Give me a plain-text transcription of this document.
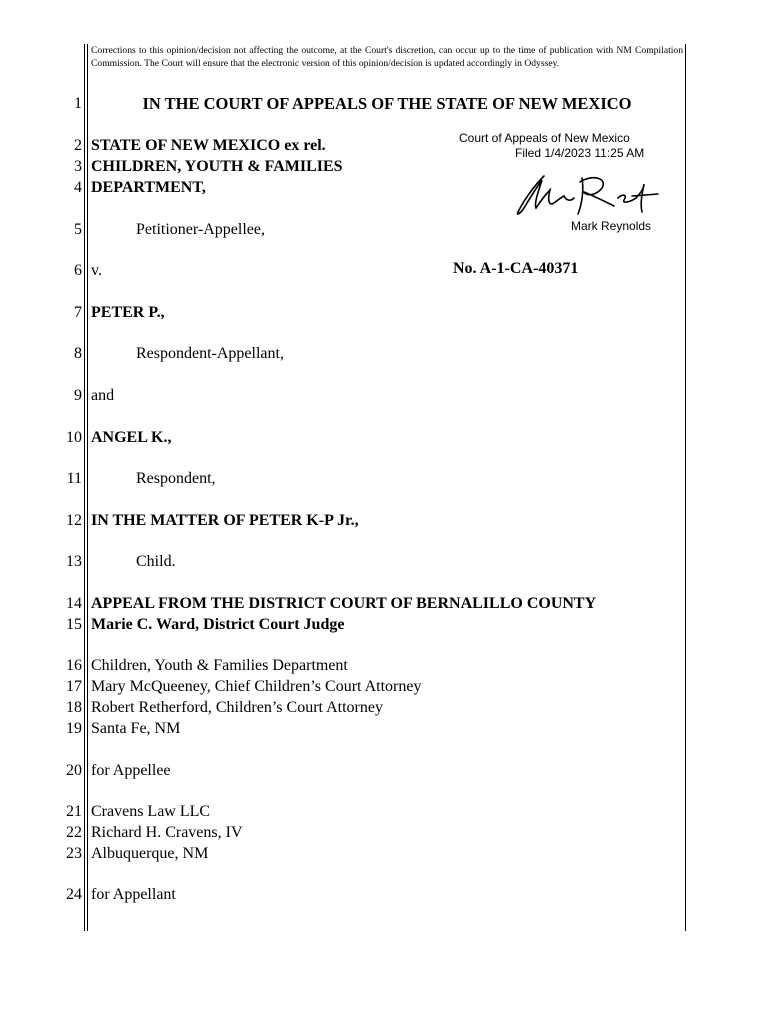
Corrections to this opinion/decision not affecting the outcome, at the Court's discretion, can occur up to the time of publication with NM Compilation Commission. The Court will ensure that the electronic version of this opinion/decision is updated accordingly in Odyssey.
1
2
3
4
5
6
7
8
9
10
11
12
13
14
15
16
17
18
19
20
21
22
23
24
IN THE COURT OF APPEALS OF THE STATE OF NEW MEXICO
Court of Appeals of New Mexico
Filed 1/4/2023 11:25 AM
Mark Reynolds
No. A-1-CA-40371
STATE OF NEW MEXICO ex rel.
CHILDREN, YOUTH & FAMILIES
DEPARTMENT,
Petitioner-Appellee,
v.
PETER P.,
Respondent-Appellant,
and
ANGEL K.,
Respondent,
IN THE MATTER OF PETER K-P Jr.,
Child.
APPEAL FROM THE DISTRICT COURT OF BERNALILLO COUNTY
Marie C. Ward, District Court Judge
Children, Youth & Families Department
Mary McQueeney, Chief Children’s Court Attorney
Robert Retherford, Children’s Court Attorney
Santa Fe, NM
for Appellee
Cravens Law LLC
Richard H. Cravens, IV
Albuquerque, NM
for Appellant
